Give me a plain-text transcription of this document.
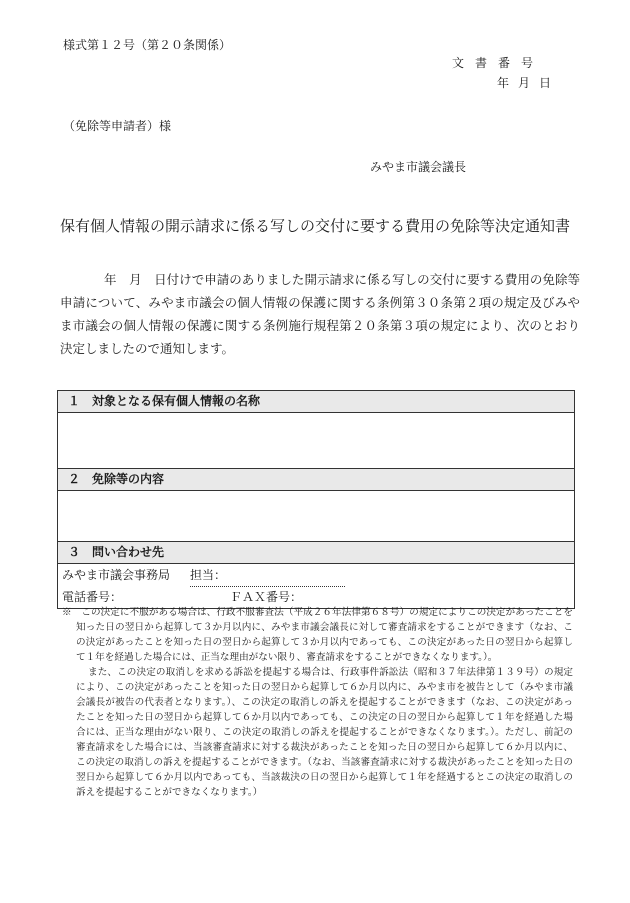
様式第１２号（第２０条関係）
文書番号
年月日
（免除等申請者）様
みやま市議会議長
保有個人情報の開示請求に係る写しの交付に要する費用の免除等決定通知書
年　月　日付けで申請のありました開示請求に係る写しの交付に要する費用の免除等申請について、みやま市議会の個人情報の保護に関する条例第３０条第２項の規定及びみやま市議会の個人情報の保護に関する条例施行規程第２０条第３項の規定により、次のとおり決定しましたので通知します。
１　対象となる保有個人情報の名称
２　免除等の内容
３　問い合わせ先
みやま市議会事務局 担当：
電話番号：	ＦＡＸ番号：

※　 この決定に不服がある場合は、行政不服審査法（平成２６年法律第６８号）の規定によりこの決定があったことを知った日の翌日から起算して３か月以内に、みやま市議会議長に対して審査請求をすることができます（なお、この決定があったことを知った日の翌日から起算して３か月以内であっても、この決定があった日の翌日から起算して１年を経過した場合には、正当な理由がない限り、審査請求をすることができなくなります。）。

また、この決定の取消しを求める訴訟を提起する場合は、行政事件訴訟法（昭和３７年法律第１３９号）の規定により、この決定があったことを知った日の翌日から起算して６か月以内に、みやま市を被告として（みやま市議会議長が被告の代表者となります。）、この決定の取消しの訴えを提起することができます（なお、この決定があったことを知った日の翌日から起算して６か月以内であっても、この決定の日の翌日から起算して１年を経過した場合には、正当な理由がない限り、この決定の取消しの訴えを提起することができなくなります。）。ただし、前記の審査請求をした場合には、当該審査請求に対する裁決があったことを知った日の翌日から起算して６か月以内に、この決定の取消しの訴えを提起することができます。（なお、当該審査請求に対する裁決があったことを知った日の翌日から起算して６か月以内であっても、当該裁決の日の翌日から起算して１年を経過するとこの決定の取消しの訴えを提起することができなくなります。）
